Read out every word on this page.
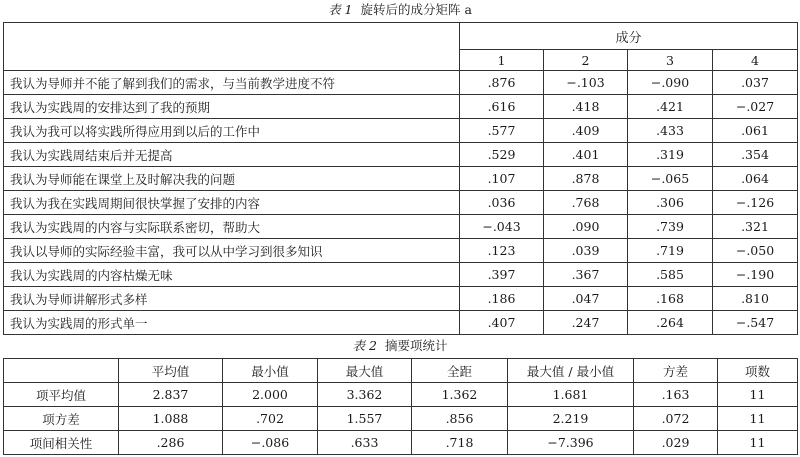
表 1 旋转后的成分矩阵 a
	成分			
	1	2	3	4
我认为导师并不能了解到我们的需求，与当前教学进度不符	.876	−.103	−.090	.037
我认为实践周的安排达到了我的预期	.616	.418	.421	−.027
我认为我可以将实践所得应用到以后的工作中	.577	.409	.433	.061
我认为实践周结束后并无提高	.529	.401	.319	.354
我认为导师能在课堂上及时解决我的问题	.107	.878	−.065	.064
我认为我在实践周期间很快掌握了安排的内容	.036	.768	.306	−.126
我认为实践周的内容与实际联系密切，帮助大	−.043	.090	.739	.321
我认以导师的实际经验丰富，我可以从中学习到很多知识	.123	.039	.719	−.050
我认为实践周的内容枯燥无味	.397	.367	.585	−.190
我认为导师讲解形式多样	.186	.047	.168	.810
我认为实践周的形式单一	.407	.247	.264	−.547
表 2 摘要项统计
	平均值	最小值	最大值	全距	最大值 / 最小值	方差	项数
项平均值	2.837	2.000	3.362	1.362	1.681	.163	11
项方差	1.088	.702	1.557	.856	2.219	.072	11
项间相关性	.286	−.086	.633	.718	−7.396	.029	11
